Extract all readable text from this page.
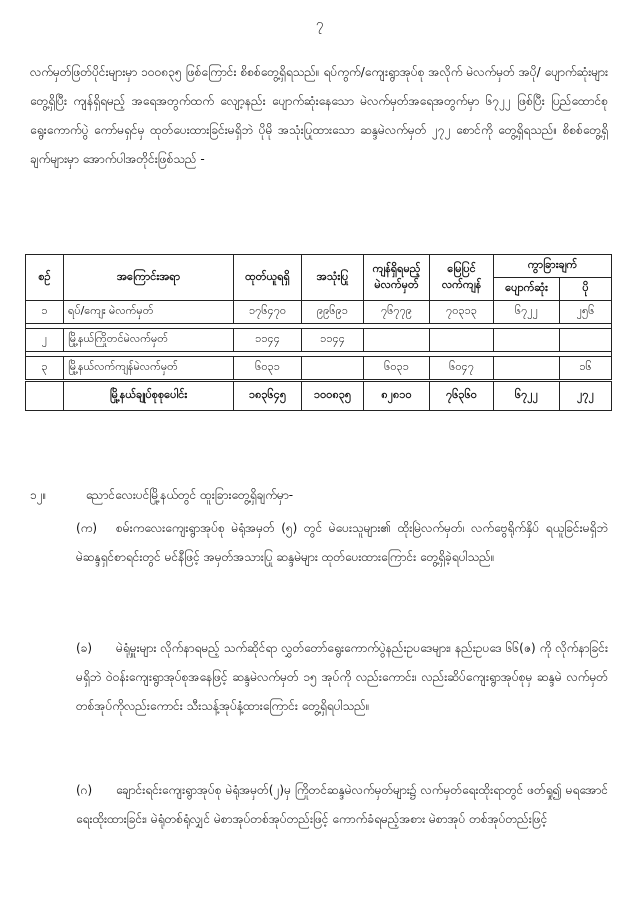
၇

လက်မှတ်ဖြတ်ပိုင်းများမှာ ၁၀၀၈၃၅ ဖြစ်ကြောင်း စိစစ်တွေ့ရှိရသည်။ ရပ်ကွက်/ကျေးရွာအုပ်စု အလိုက် မဲလက်မှတ် အပို/ ပျောက်ဆုံးများတွေ့ရှိပြီး ကျန်ရှိရမည့် အရေအတွက်ထက် လျော့နည်း ပျောက်ဆုံးနေသော မဲလက်မှတ်အရေအတွက်မှာ ၆၇၂၂ ဖြစ်ပြီး ပြည်ထောင်စုရွေးကောက်ပွဲ ကော်မရှင်မှ ထုတ်ပေးထားခြင်းမရှိဘဲ ပိုမို အသုံးပြုထားသော ဆန္ဒမဲလက်မှတ် ၂၇၂ စောင်ကို တွေ့ရှိရသည်။ စိစစ်တွေ့ရှိချက်များမှာ အောက်ပါအတိုင်းဖြစ်သည် -

စဉ်	အကြောင်းအရာ	ထုတ်ယူရရှိ	အသုံးပြု	ကျန်ရှိရမည့် မဲလက်မှတ်	မြေပြင် လက်ကျန်	ကွာခြားချက်	
						ပျောက်ဆုံး	ပို
၁	ရပ်/ကျေး မဲလက်မှတ်	၁၇၆၄၇၀	၉၉၆၉၁	၇၆၇၇၉	၇၀၃၁၃	၆၇၂၂	၂၅၆

၂	မြို့နယ်ကြိုတင်မဲလက်မှတ်	၁၁၄၄	၁၁၄၄				

၃	မြို့နယ်လက်ကျန်မဲလက်မှတ်	၆၀၃၁		၆၀၃၁	၆၀၄၇		၁၆
	မြို့နယ်ချုပ်စုစုပေါင်း	၁၈၃၆၄၅	၁၀၀၈၃၅	၈၂၈၁၀	၇၆၃၆၀	၆၇၂၂	၂၇၂
၁၂။	ညောင်လေးပင်မြို့နယ်တွင် ထူးခြားတွေ့ရှိချက်မှာ-

(က) စမ်းကလေးကျေးရွာအုပ်စု မဲရုံအမှတ် (၅) တွင် မဲပေးသူများ၏ ထိုးမြဲလက်မှတ်၊ လက်ဗွေရိုက်နှိပ် ရယူခြင်းမရှိဘဲ မဲဆန္ဒရှင်စာရင်းတွင် မင်နီဖြင့် အမှတ်အသားပြု ဆန္ဒမဲများ ထုတ်ပေးထားကြောင်း တွေ့ရှိခဲ့ရပါသည်။

(ခ) မဲရုံမှူးများ လိုက်နာရမည့် သက်ဆိုင်ရာ လွှတ်တော်ရွေးကောက်ပွဲနည်းဥပဒေများ၊ နည်းဥပဒေ ၆၆(ဇ) ကို လိုက်နာခြင်းမရှိဘဲ ဝဲဝန်းကျေးရွာအုပ်စုအနေဖြင့် ဆန္ဒမဲလက်မှတ် ၁၅ အုပ်ကို လည်းကောင်း၊ လည်းဆိပ်ကျေးရွာအုပ်စုမှ ဆန္ဒမဲ လက်မှတ်တစ်အုပ်ကိုလည်းကောင်း သီးသန့်အုပ်နံ့ထားကြောင်း တွေ့ရှိရပါသည်။

(ဂ) ချောင်းရင်းကျေးရွာအုပ်စု မဲရုံအမှတ်(၂)မှ ကြိုတင်ဆန္ဒမဲလက်မှတ်များ၌ လက်မှတ်ရေးထိုးရာတွင် ဖတ်ရှု၍ မရအောင် ရေးထိုးထားခြင်း၊ မဲရုံတစ်ရုံလျှင် မဲစာအုပ်တစ်အုပ်တည်းဖြင့် ကောက်ခံရမည့်အစား မဲစာအုပ် တစ်အုပ်တည်းဖြင့်
